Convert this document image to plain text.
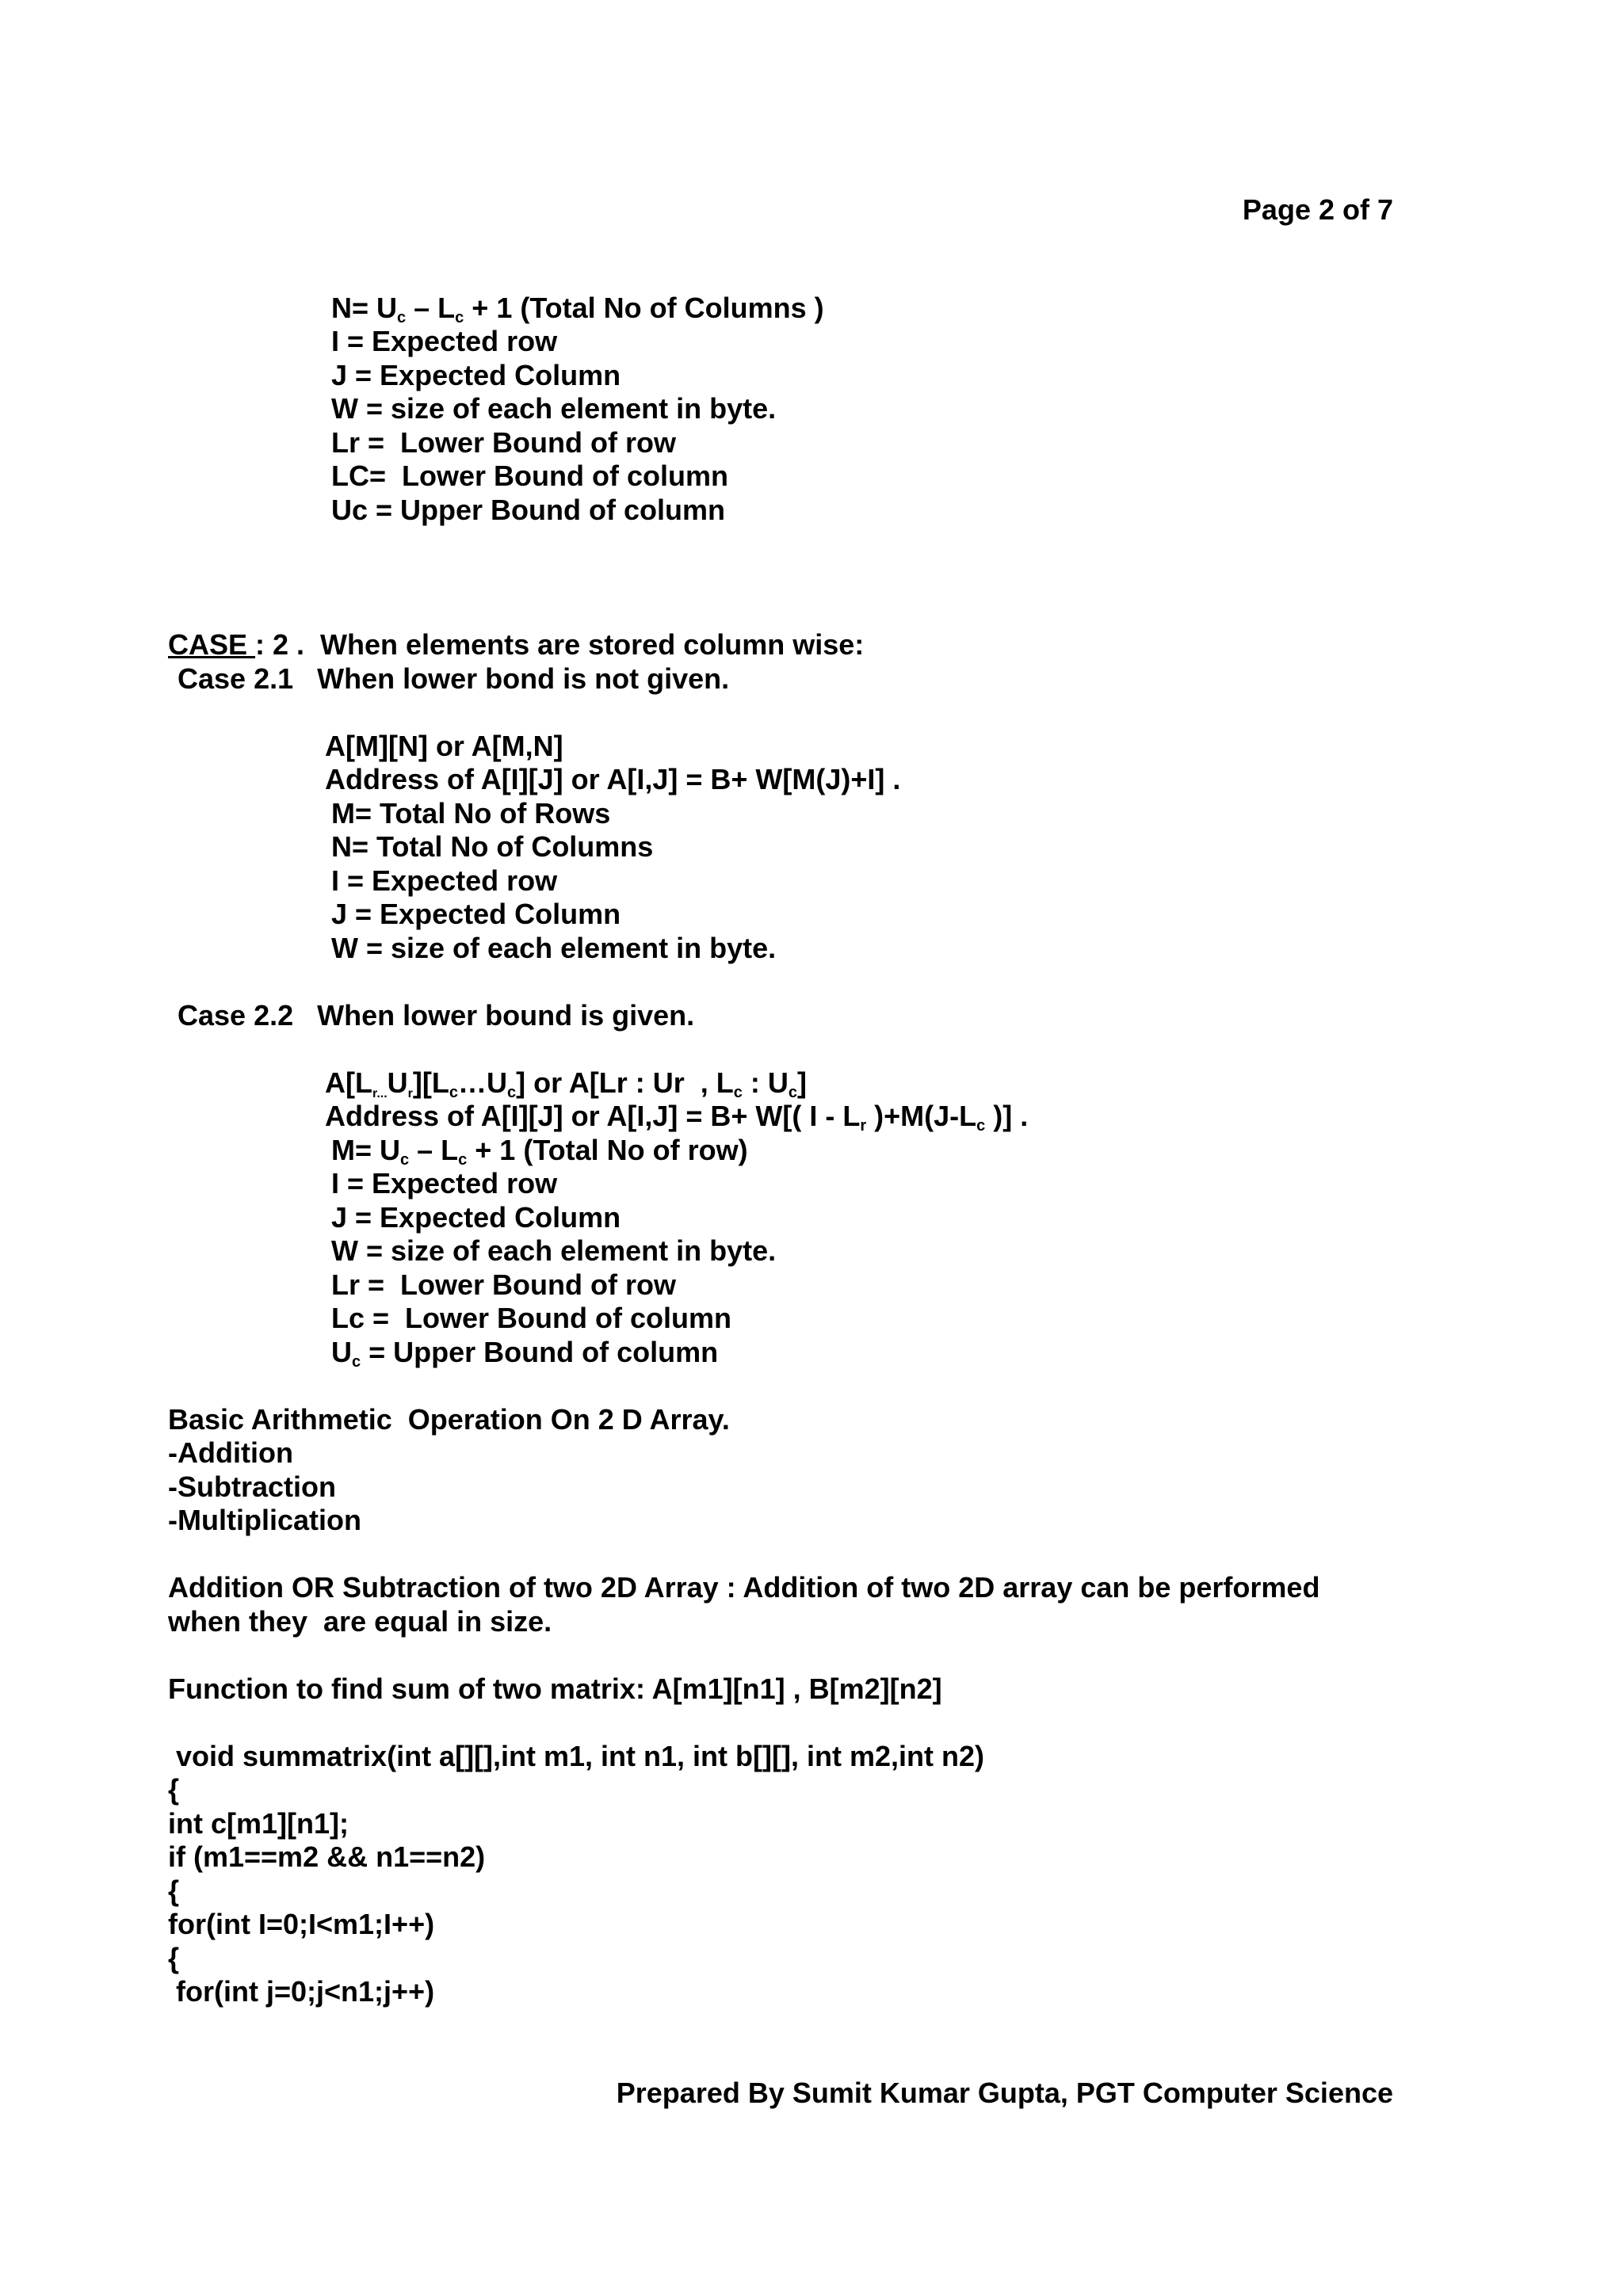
Page 2 of 7
$N= U_c - L_c + 1$ (Total No of Columns )
I = Expected row
J = Expected Column
W = size of each element in byte.
Lr =  Lower Bound of row
LC=  Lower Bound of column
Uc = Upper Bound of column
CASE : 2 .  When elements are stored column wise:
Case 2.1   When lower bond is not given.
A[M][N] or A[M,N]
Address of A[I][J] or A[I,J] = B+ W[M(J)+I] .
M= Total No of Rows
N= Total No of Columns
I = Expected row
J = Expected Column
W = size of each element in byte.
Case 2.2   When lower bound is given.
$A[L_{r...}U_r][L_c\dots U_c]$ or A[Lr : Ur  , $L_c$ : $U_c$]
Address of A[I][J] or A[I,J] = B+ W[( I - $L_r$ )$+M(J-L_c$ )] .
$M= U_c - L_c + 1$ (Total No of row)
I = Expected row
J = Expected Column
W = size of each element in byte.
Lr =  Lower Bound of row
Lc =  Lower Bound of column
$U_c$ = Upper Bound of column
Basic Arithmetic  Operation On 2 D Array.
-Addition
-Subtraction
-Multiplication
Addition OR Subtraction of two 2D Array : Addition of two 2D array can be performed
when they  are equal in size.
Function to find sum of two matrix: A[m1][n1] , B[m2][n2]
void summatrix(int a[][],int m1, int n1, int b[][], int m2,int n2)
{
int c[m1][n1];
if (m1==m2 && n1==n2)
{
for(int I=0;I<m1;I++)
{
for(int j=0;j<n1;j++)
Prepared By Sumit Kumar Gupta, PGT Computer Science
